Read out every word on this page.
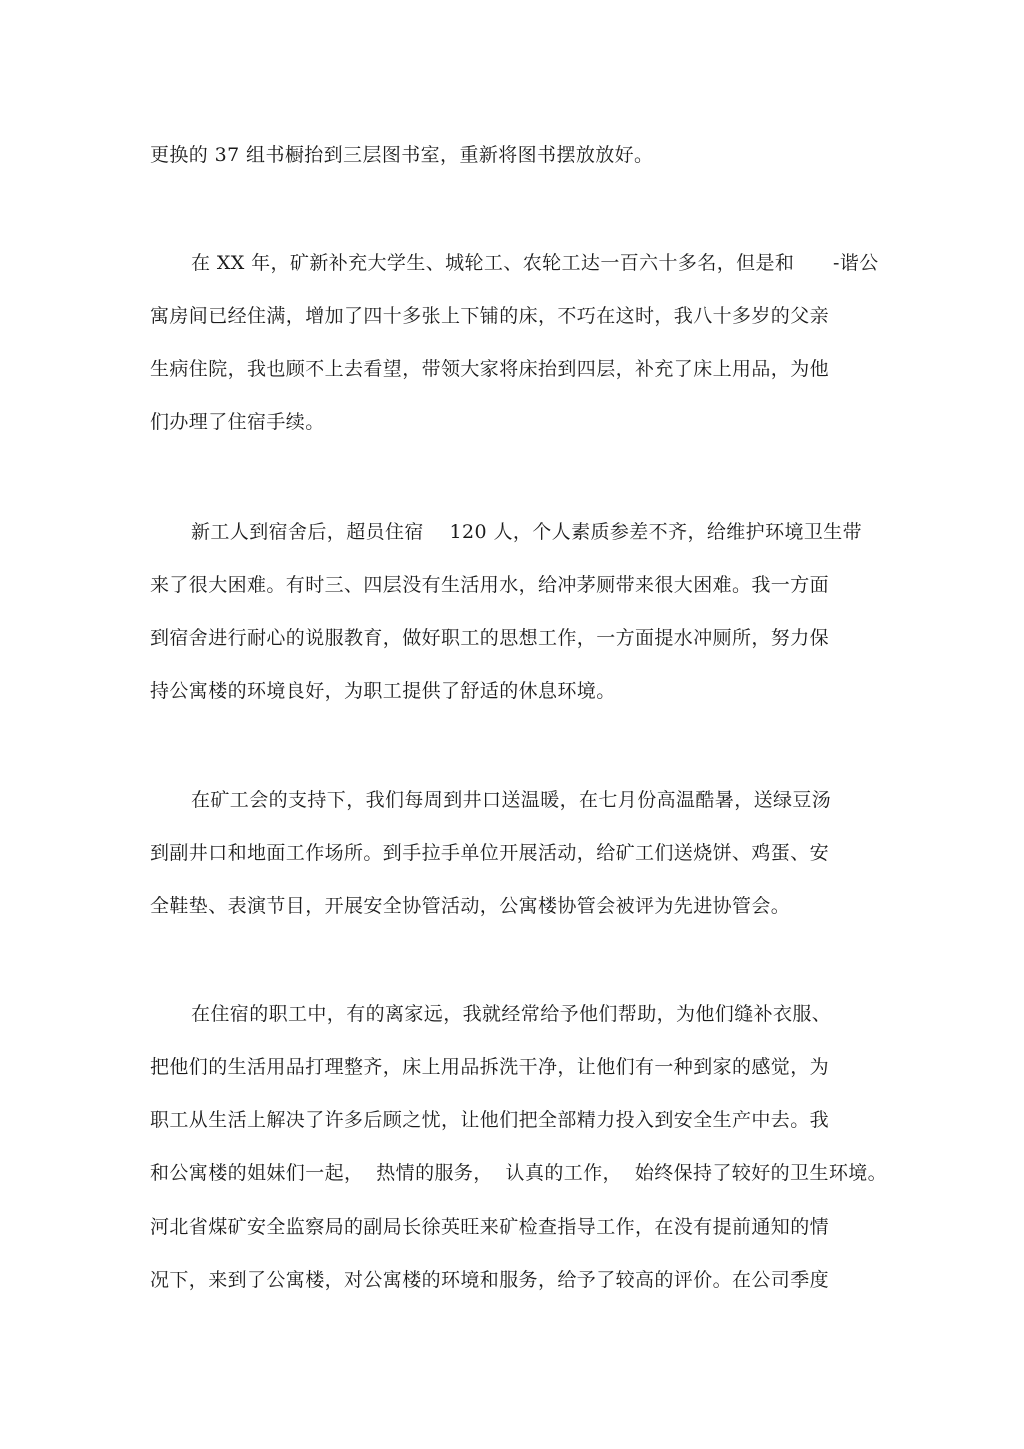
更换的 37 组书橱抬到三层图书室，重新将图书摆放放好。

在 XX 年，矿新补充大学生、城轮工、农轮工达一百六十多名，但是和      -谐公

寓房间已经住满，增加了四十多张上下铺的床，不巧在这时，我八十多岁的父亲

生病住院，我也顾不上去看望，带领大家将床抬到四层，补充了床上用品，为他

们办理了住宿手续。

新工人到宿舍后，超员住宿    120 人，个人素质参差不齐，给维护环境卫生带

来了很大困难。有时三、四层没有生活用水，给冲茅厕带来很大困难。我一方面

到宿舍进行耐心的说服教育，做好职工的思想工作，一方面提水冲厕所，努力保

持公寓楼的环境良好，为职工提供了舒适的休息环境。

在矿工会的支持下，我们每周到井口送温暖，在七月份高温酷暑，送绿豆汤

到副井口和地面工作场所。到手拉手单位开展活动，给矿工们送烧饼、鸡蛋、安

全鞋垫、表演节目，开展安全协管活动，公寓楼协管会被评为先进协管会。

在住宿的职工中，有的离家远，我就经常给予他们帮助，为他们缝补衣服、

把他们的生活用品打理整齐，床上用品拆洗干净，让他们有一种到家的感觉，为

职工从生活上解决了许多后顾之忧，让他们把全部精力投入到安全生产中去。我

和公寓楼的姐妹们一起，  热情的服务，  认真的工作，  始终保持了较好的卫生环境。

河北省煤矿安全监察局的副局长徐英旺来矿检查指导工作，在没有提前通知的情

况下，来到了公寓楼，对公寓楼的环境和服务，给予了较高的评价。在公司季度
